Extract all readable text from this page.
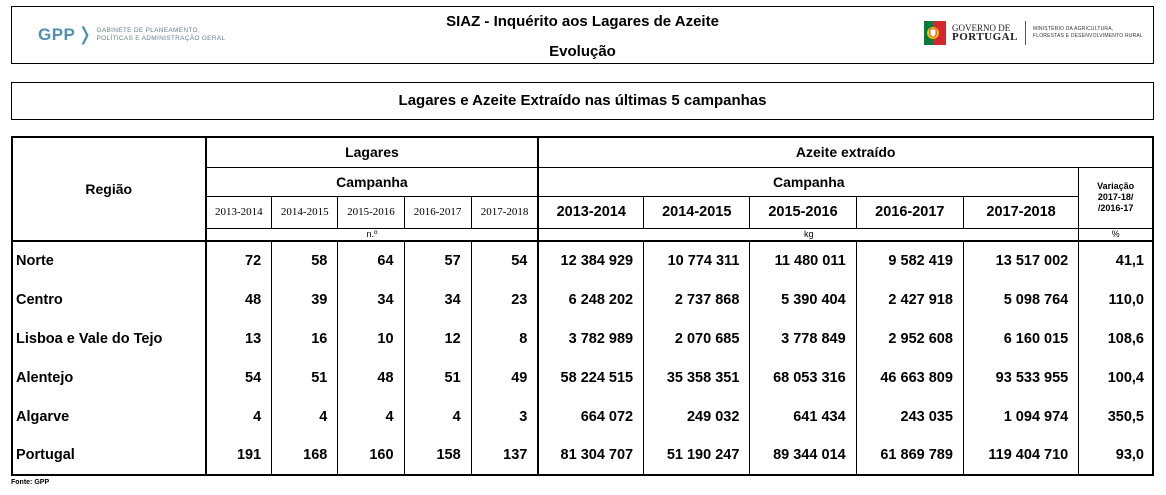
GPP ❭ GABINETE DE PLANEAMENTO,
POLÍTICAS E ADMINISTRAÇÃO GERAL
SIAZ - Inquérito aos Lagares de Azeite
Evolução
GOVERNO DE
PORTUGAL
MINISTÉRIO DA AGRICULTURA,
FLORESTAS E DESENVOLVIMENTO RURAL
Lagares e Azeite Extraído nas últimas 5 campanhas
Região	Lagares					Azeite extraído					
	Campanha					Campanha					Variação
2017-18/
/2016-17

	2013-2014	2014-2015	2015-2016	2016-2017	2017-2018	2013-2014	2014-2015	2015-2016	2016-2017	2017-2018	
	n.º					kg					%
Norte	72	58	64	57	54	12 384 929	10 774 311	11 480 011	9 582 419	13 517 002	41,1
Centro	48	39	34	34	23	6 248 202	2 737 868	5 390 404	2 427 918	5 098 764	110,0
Lisboa e Vale do Tejo	13	16	10	12	8	3 782 989	2 070 685	3 778 849	2 952 608	6 160 015	108,6
Alentejo	54	51	48	51	49	58 224 515	35 358 351	68 053 316	46 663 809	93 533 955	100,4
Algarve	4	4	4	4	3	664 072	249 032	641 434	243 035	1 094 974	350,5
Portugal	191	168	160	158	137	81 304 707	51 190 247	89 344 014	61 869 789	119 404 710	93,0
Fonte: GPP
